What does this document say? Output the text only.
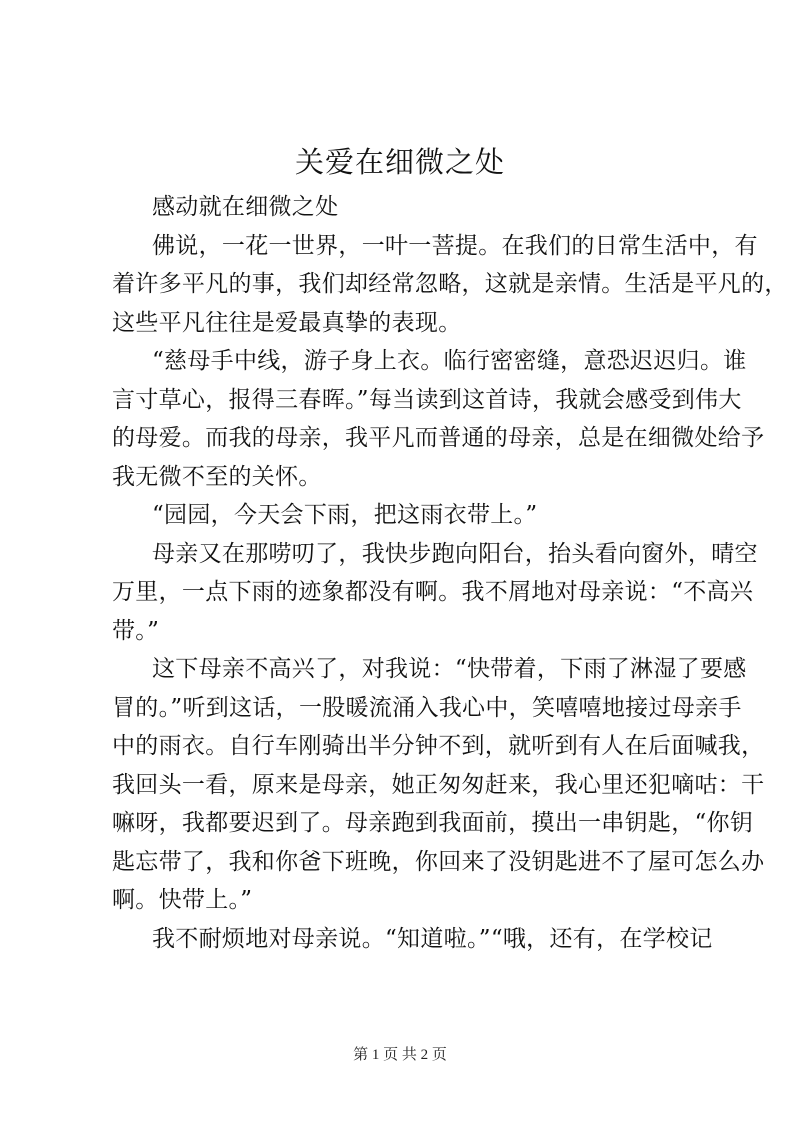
关爱在细微之处

感动就在细微之处

佛说，一花一世界，一叶一菩提。在我们的日常生活中，有
着许多平凡的事，我们却经常忽略，这就是亲情。生活是平凡的，
这些平凡往往是爱最真挚的表现。

“慈母手中线，游子身上衣。临行密密缝，意恐迟迟归。谁
言寸草心，报得三春晖。”每当读到这首诗，我就会感受到伟大
的母爱。而我的母亲，我平凡而普通的母亲，总是在细微处给予
我无微不至的关怀。

“园园，今天会下雨，把这雨衣带上。”

母亲又在那唠叨了，我快步跑向阳台，抬头看向窗外，晴空
万里，一点下雨的迹象都没有啊。我不屑地对母亲说：“不高兴
带。”

这下母亲不高兴了，对我说：“快带着，下雨了淋湿了要感
冒的。”听到这话，一股暖流涌入我心中，笑嘻嘻地接过母亲手
中的雨衣。自行车刚骑出半分钟不到，就听到有人在后面喊我，
我回头一看，原来是母亲，她正匆匆赶来，我心里还犯嘀咕：干
嘛呀，我都要迟到了。母亲跑到我面前，摸出一串钥匙，“你钥
匙忘带了，我和你爸下班晚，你回来了没钥匙进不了屋可怎么办
啊。快带上。”

我不耐烦地对母亲说。“知道啦。”“哦，还有，在学校记

第 1 页 共 2 页
